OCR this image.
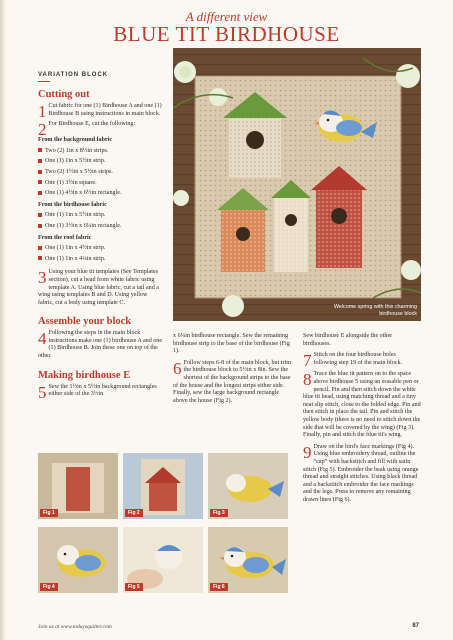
A different view
BLUE TIT BIRDHOUSE
VARIATION BLOCK
Cutting out

1 Cut fabric for one (1) Birdhouse A and one (1) Birdhouse B using instructions in main block.

2 For Birdhouse E, cut the following:

From the background fabric

Two (2) 1in x 8½in strips.

One (1) 1in x 5½in strip.

Two (2) 1½in x 5½in strips.

One (1) 3½in square.

One (1) 4½in x 6½in rectangle.

From the birdhouse fabric

One (1) 1in x 5½in strip.

One (1) 3½in x 6¼in rectangle.

From the roof fabric

One (1) 1in x 4½in strip.

One (1) 1in x 4¼in strip.

3 Using your blue tit templates (See Templates section), cut a head from white fabric using template A. Using blue fabric, cut a tail and a wing using templates B and D. Using yellow fabric, cut a body using template C.

Assemble your block

4 Following the steps in the main block instructions make one (1) birdhouse A and one (1) Birdhouse B. Join these one on top of the other.

Making birdhouse E

5 Sew the 1½in x 5½in background rectangles either side of the 3½in

Welcome spring with this charming birdhouse block

x 6¼in birdhouse rectangle. Sew the remaining birdhouse strip to the base of the birdhouse (Fig 1).

6 Follow steps 6-8 of the main block, but trim the birdhouse block to 5½in x 8in. Sew the shortest of the background strips to the base of the house and the longest strips either side. Finally, sew the large background rectangle above the house (Fig 2).

Sew birdhouse E alongside the other birdhouses.

7 Stitch on the four birdhouse holes following step 19 of the main block.

8 Trace the blue tit pattern on to the space above birdhouse 5 using an erasable pen or pencil. Pin and then stitch down the white blue tit head, using matching thread and a tiny neat slip stitch, close to the folded edge. Pin and then stitch in place the tail. Pin and stitch the yellow body (there is no need to stitch down the side that will be covered by the wing) (Fig 3). Finally, pin and stitch the blue tit's wing.

9 Draw on the bird's face markings (Fig 4). Using blue embroidery thread, outline the “cap” with backstitch and fill with satin stitch (Fig 5). Embroider the beak using orange thread and straight stitches. Using black thread and a backstitch embroider the face markings and the legs. Press to remove any remaining drawn lines (Fig 6).

Fig 1	Fig 2	Fig 3
Fig 4	Fig 5	Fig 6
Join us at www.todaysquilter.com	87
